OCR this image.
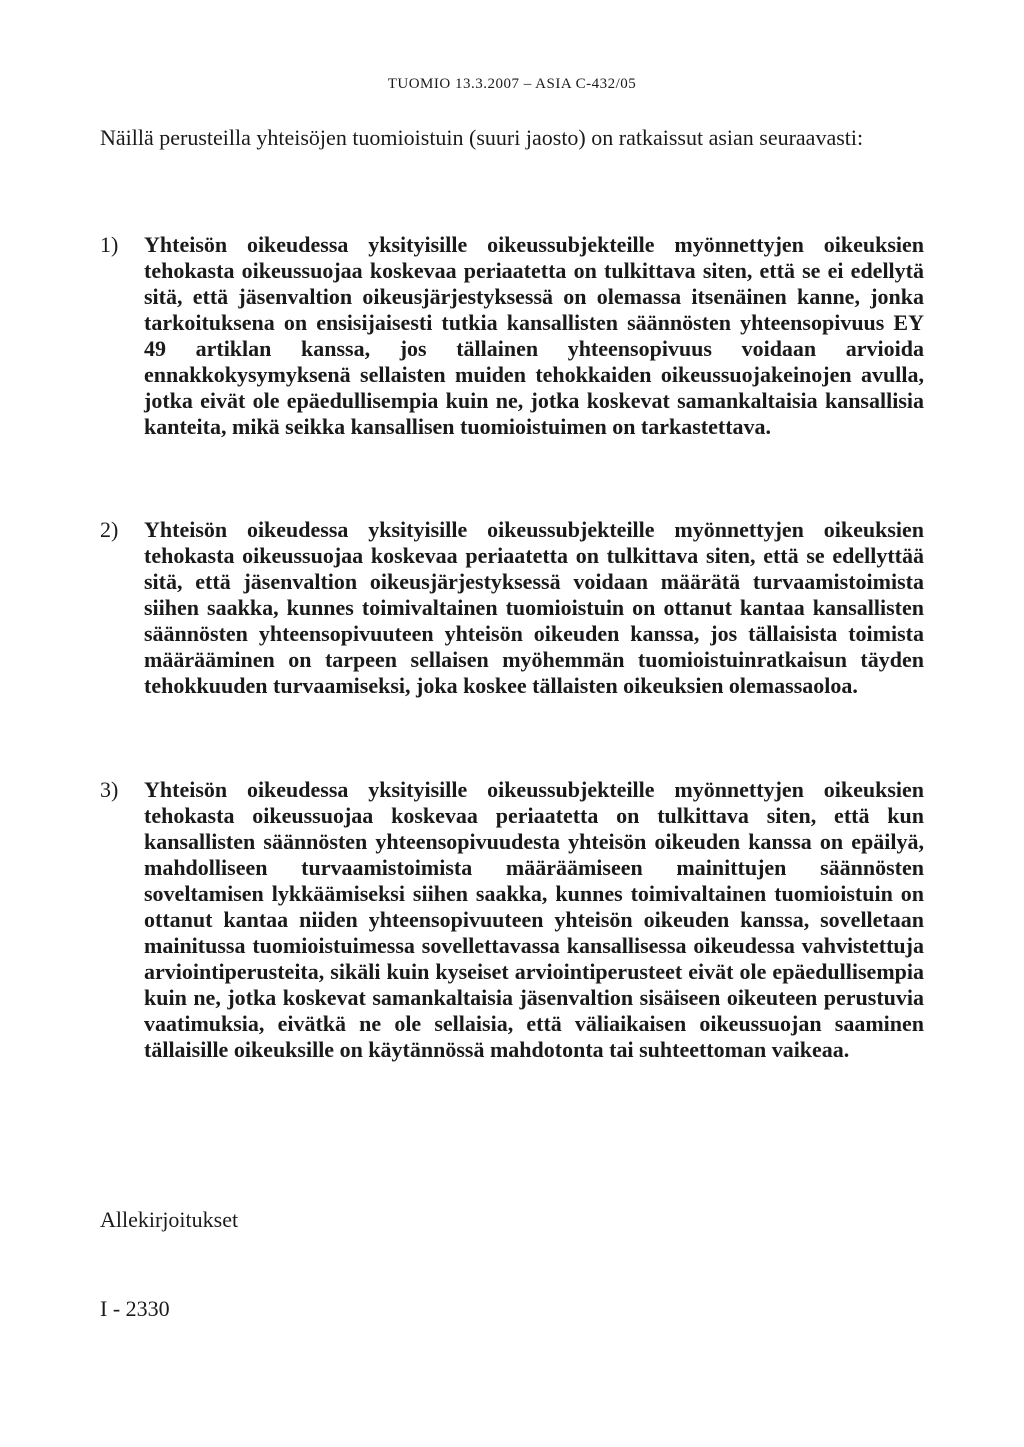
TUOMIO 13.3.2007 – ASIA C-432/05

Näillä perusteilla yhteisöjen tuomioistuin (suuri jaosto) on ratkaissut asian seuraavasti:

1)	Yhteisön oikeudessa yksityisille oikeussubjekteille myönnettyjen oikeuksien tehokasta oikeussuojaa koskevaa periaatetta on tulkittava siten, että se ei edellytä sitä, että jäsenvaltion oikeusjärjestyksessä on olemassa itsenäinen kanne, jonka tarkoituksena on ensisijaisesti tutkia kansallisten säännösten yhteensopivuus EY 49 artiklan kanssa, jos tällainen yhteensopivuus voidaan arvioida ennakkokysymyksenä sellaisten muiden tehokkaiden oikeussuojakeinojen avulla, jotka eivät ole epäedullisempia kuin ne, jotka koskevat samankaltaisia kansallisia kanteita, mikä seikka kansallisen tuomioistuimen on tarkastettava.
2)	Yhteisön oikeudessa yksityisille oikeussubjekteille myönnettyjen oikeuksien tehokasta oikeussuojaa koskevaa periaatetta on tulkittava siten, että se edellyttää sitä, että jäsenvaltion oikeusjärjestyksessä voidaan määrätä turvaamistoimista siihen saakka, kunnes toimivaltainen tuomioistuin on ottanut kantaa kansallisten säännösten yhteensopivuuteen yhteisön oikeuden kanssa, jos tällaisista toimista määrääminen on tarpeen sellaisen myöhemmän tuomioistuinratkaisun täyden tehokkuuden turvaamiseksi, joka koskee tällaisten oikeuksien olemassaoloa.
3)	Yhteisön oikeudessa yksityisille oikeussubjekteille myönnettyjen oikeuksien tehokasta oikeussuojaa koskevaa periaatetta on tulkittava siten, että kun kansallisten säännösten yhteensopivuudesta yhteisön oikeuden kanssa on epäilyä, mahdolliseen turvaamistoimista määräämiseen mainittujen säännösten soveltamisen lykkäämiseksi siihen saakka, kunnes toimivaltainen tuomioistuin on ottanut kantaa niiden yhteensopivuuteen yhteisön oikeuden kanssa, sovelletaan mainitussa tuomioistuimessa sovellettavassa kansallisessa oikeudessa vahvistettuja arviointiperusteita, sikäli kuin kyseiset arviointiperusteet eivät ole epäedullisempia kuin ne, jotka koskevat samankaltaisia jäsenvaltion sisäiseen oikeuteen perustuvia vaatimuksia, eivätkä ne ole sellaisia, että väliaikaisen oikeussuojan saaminen tällaisille oikeuksille on käytännössä mahdotonta tai suhteettoman vaikeaa.

Allekirjoitukset

I - 2330
